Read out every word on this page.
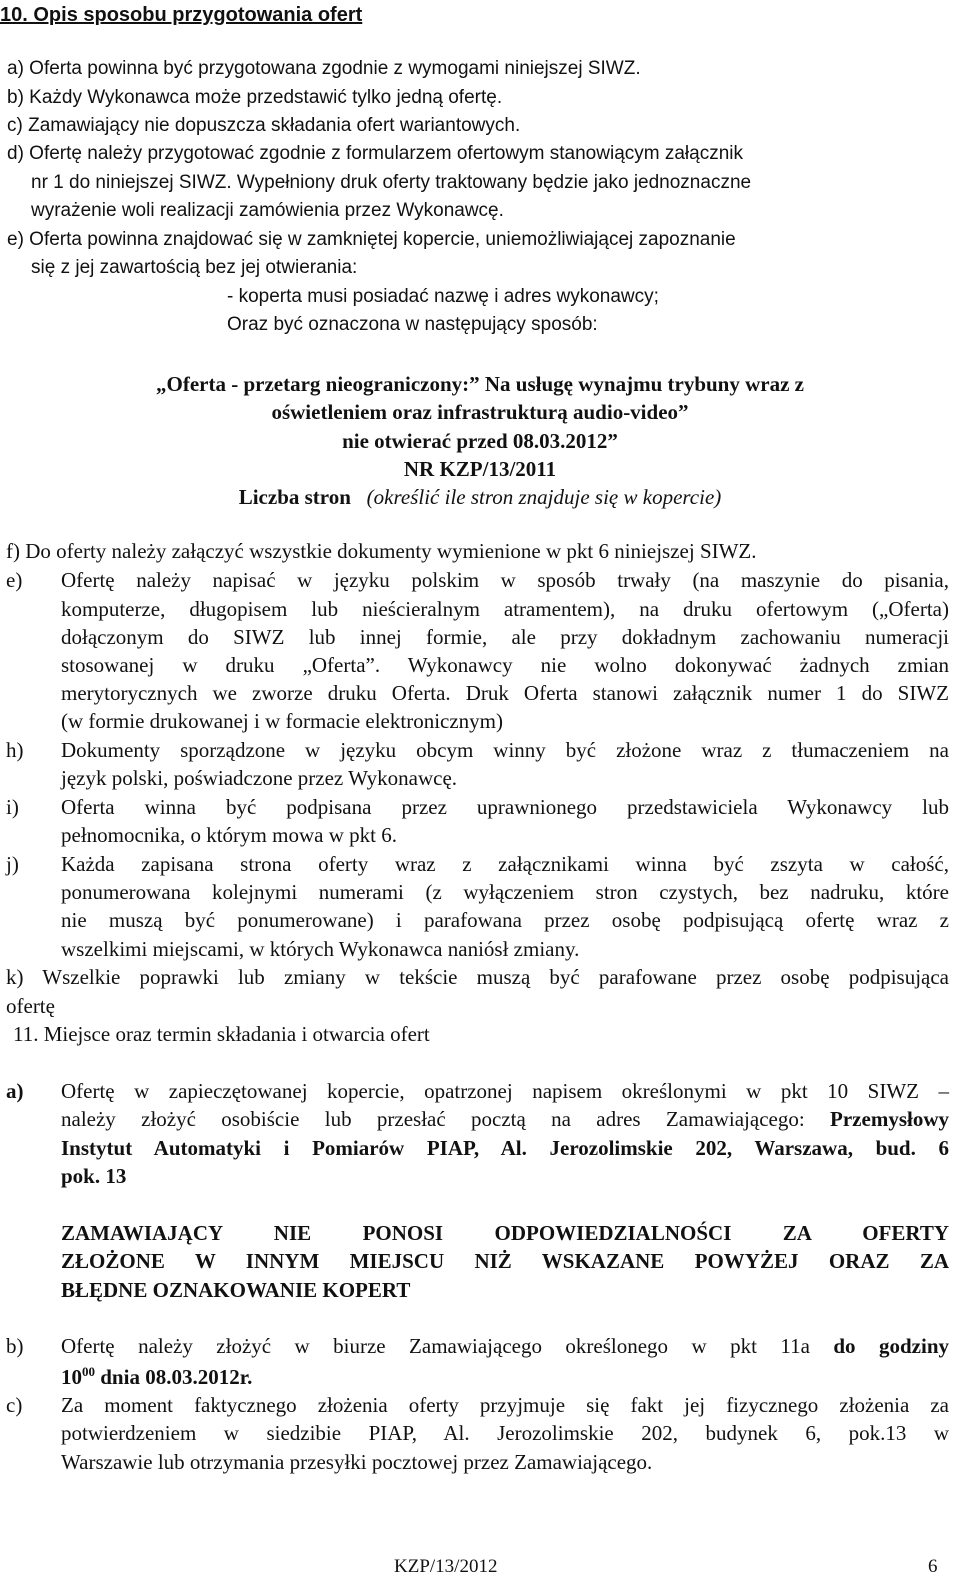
10. Opis sposobu przygotowania ofert
a) Oferta powinna być przygotowana zgodnie z wymogami niniejszej SIWZ.
b) Każdy Wykonawca może przedstawić tylko jedną ofertę.
c) Zamawiający nie dopuszcza składania ofert wariantowych.
d) Ofertę należy przygotować zgodnie z formularzem ofertowym stanowiącym załącznik
nr 1 do niniejszej SIWZ. Wypełniony druk oferty traktowany będzie jako jednoznaczne
wyrażenie woli realizacji zamówienia przez Wykonawcę.
e) Oferta powinna znajdować się w zamkniętej kopercie, uniemożliwiającej zapoznanie
się z jej zawartością bez jej otwierania:
- koperta musi posiadać nazwę i adres wykonawcy;
Oraz być oznaczona w następujący sposób:
„Oferta - przetarg nieograniczony:” Na usługę wynajmu trybuny wraz z
oświetleniem oraz infrastrukturą audio-video”
nie otwierać przed 08.03.2012”
NR KZP/13/2011
Liczba stron (określić ile stron znajduje się w kopercie)
f) Do oferty należy załączyć wszystkie dokumenty wymienione w pkt 6 niniejszej SIWZ.
e) Ofertę należy napisać w języku polskim w sposób trwały (na maszynie do pisania,
komputerze, długopisem lub nieścieralnym atramentem), na druku ofertowym („Oferta)
dołączonym do SIWZ lub innej formie, ale przy dokładnym zachowaniu numeracji
stosowanej w druku „Oferta”. Wykonawcy nie wolno dokonywać żadnych zmian
merytorycznych we zworze druku Oferta. Druk Oferta stanowi załącznik numer 1 do SIWZ
(w formie drukowanej i w formacie elektronicznym)
h) Dokumenty sporządzone w języku obcym winny być złożone wraz z tłumaczeniem na
język polski, poświadczone przez Wykonawcę.
i) Oferta winna być podpisana przez uprawnionego przedstawiciela Wykonawcy lub
pełnomocnika, o którym mowa w pkt 6.
j) Każda zapisana strona oferty wraz z załącznikami winna być zszyta w całość,
ponumerowana kolejnymi numerami (z wyłączeniem stron czystych, bez nadruku, które
nie muszą być ponumerowane) i parafowana przez osobę podpisującą ofertę wraz z
wszelkimi miejscami, w których Wykonawca naniósł zmiany.
k) Wszelkie poprawki lub zmiany w tekście muszą być parafowane przez osobę podpisująca
ofertę
11. Miejsce oraz termin składania i otwarcia ofert
a) Ofertę w zapieczętowanej kopercie, opatrzonej napisem określonymi w pkt 10 SIWZ –
należy złożyć osobiście lub przesłać pocztą na adres Zamawiającego: Przemysłowy
Instytut Automatyki i Pomiarów PIAP, Al. Jerozolimskie 202, Warszawa, bud. 6
pok. 13
ZAMAWIAJĄCY NIE PONOSI ODPOWIEDZIALNOŚCI ZA OFERTY
ZŁOŻONE W INNYM MIEJSCU NIŻ WSKAZANE POWYŻEJ ORAZ ZA
BŁĘDNE OZNAKOWANIE KOPERT
b) Ofertę należy złożyć w biurze Zamawiającego określonego w pkt 11a do godziny
$10^{00}$ dnia 08.03.2012r.
c) Za moment faktycznego złożenia oferty przyjmuje się fakt jej fizycznego złożenia za
potwierdzeniem w siedzibie PIAP, Al. Jerozolimskie 202, budynek 6, pok.13 w
Warszawie lub otrzymania przesyłki pocztowej przez Zamawiającego.
KZP/13/2012	6
